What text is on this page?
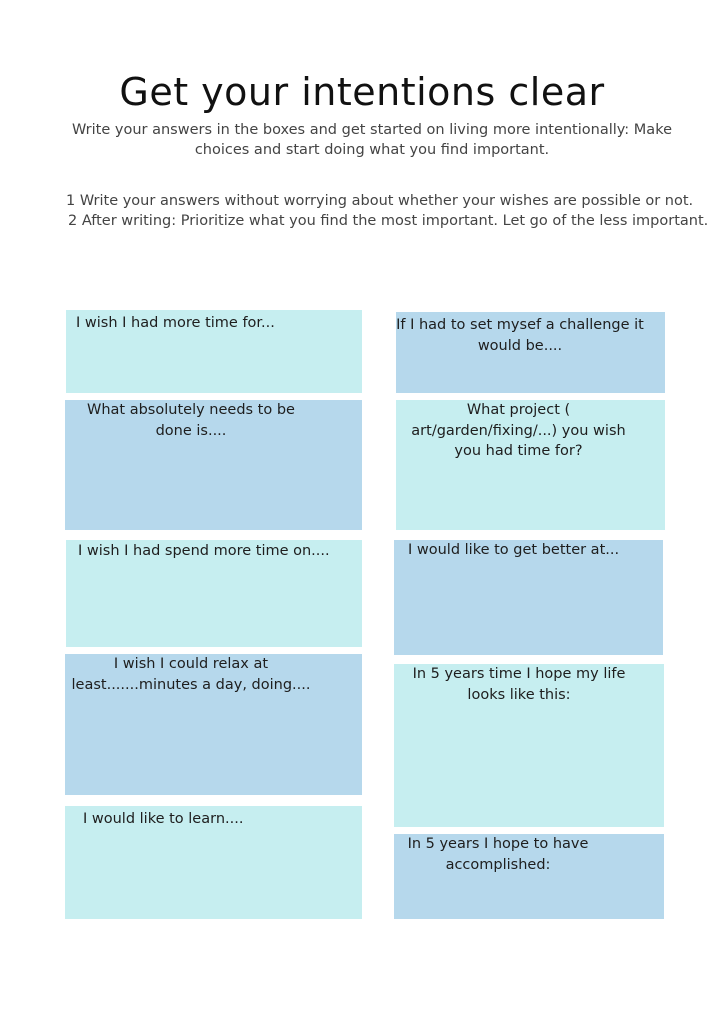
Get your intentions clear
Write your answers in the boxes and get started on living more intentionally: Make choices and start doing what you find important.
1 Write your answers without worrying about whether your wishes are possible or not.
2 After writing: Prioritize what you find the most important. Let go of the less important.
I wish I had more time for...
What absolutely needs to be done is....
I wish I had spend more time on....
I wish I could relax at least.......minutes a day, doing....
I would like to learn....
If I had to set mysef a challenge it would be....
What project ( art/garden/fixing/...) you wish you had time for?
I would like to get better at...
In 5 years time I hope my life looks like this:
In 5 years I hope to have accomplished:
